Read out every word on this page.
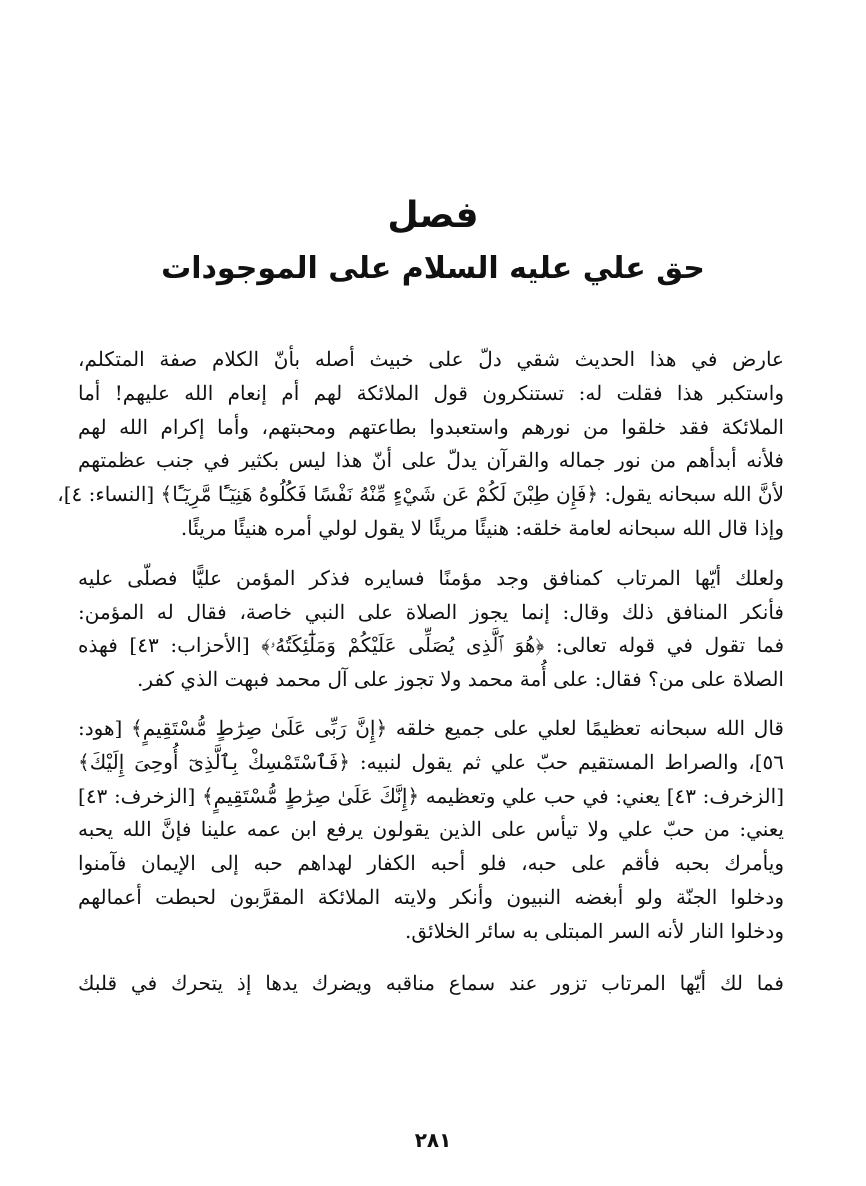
فصل
حق علي عليه السلام على الموجودات
عارض في هذا الحديث شقي دلّ على خبيث أصله بأنّ الكلام صفة المتكلم،
واستكبر هذا فقلت له: تستنكرون قول الملائكة لهم أم إنعام الله عليهم! أما
الملائكة فقد خلقوا من نورهم واستعبدوا بطاعتهم ومحبتهم، وأما إكرام الله لهم
فلأنه أبدأهم من نور جماله والقرآن يدلّ على أنّ هذا ليس بكثير في جنب عظمتهم
لأنَّ الله سبحانه يقول: ﴿فَإِن طِبْنَ لَكُمْ عَن شَيْءٍ مِّنْهُ نَفْسًا فَكُلُوهُ هَنِيٓـًٔا مَّرِيٓـًٔا﴾ [النساء: ٤]،
وإذا قال الله سبحانه لعامة خلقه: هنيئًا مريئًا لا يقول لولي أمره هنيئًا مريئًا.
ولعلك أيّها المرتاب كمنافق وجد مؤمنًا فسايره فذكر المؤمن عليًّا فصلّى عليه
فأنكر المنافق ذلك وقال: إنما يجوز الصلاة على النبي خاصة، فقال له المؤمن:
فما تقول في قوله تعالى: ﴿هُوَ ٱلَّذِى يُصَلِّى عَلَيْكُمْ وَمَلَٰٓئِكَتُهُۥ﴾ [الأحزاب: ٤٣] فهذه
الصلاة على من؟ فقال: على أُمة محمد ولا تجوز على آل محمد فبهت الذي كفر.
قال الله سبحانه تعظيمًا لعلي على جميع خلقه ﴿إِنَّ رَبِّى عَلَىٰ صِرَٰطٍ مُّسْتَقِيمٍ﴾ [هود:
٥٦]، والصراط المستقيم حبّ علي ثم يقول لنبيه: ﴿فَٱسْتَمْسِكْ بِٱلَّذِىٓ أُوحِىَ إِلَيْكَ﴾
[الزخرف: ٤٣] يعني: في حب علي وتعظيمه ﴿إِنَّكَ عَلَىٰ صِرَٰطٍ مُّسْتَقِيمٍ﴾ [الزخرف: ٤٣]
يعني: من حبّ علي ولا تيأس على الذين يقولون يرفع ابن عمه علينا فإنَّ الله يحبه
ويأمرك بحبه فأقم على حبه، فلو أحبه الكفار لهداهم حبه إلى الإيمان فآمنوا
ودخلوا الجنّة ولو أبغضه النبيون وأنكر ولايته الملائكة المقرَّبون لحبطت أعمالهم
ودخلوا النار لأنه السر المبتلى به سائر الخلائق.
فما لك أيّها المرتاب تزور عند سماع مناقبه ويضرك يدها إذ يتحرك في قلبك
٢٨١
